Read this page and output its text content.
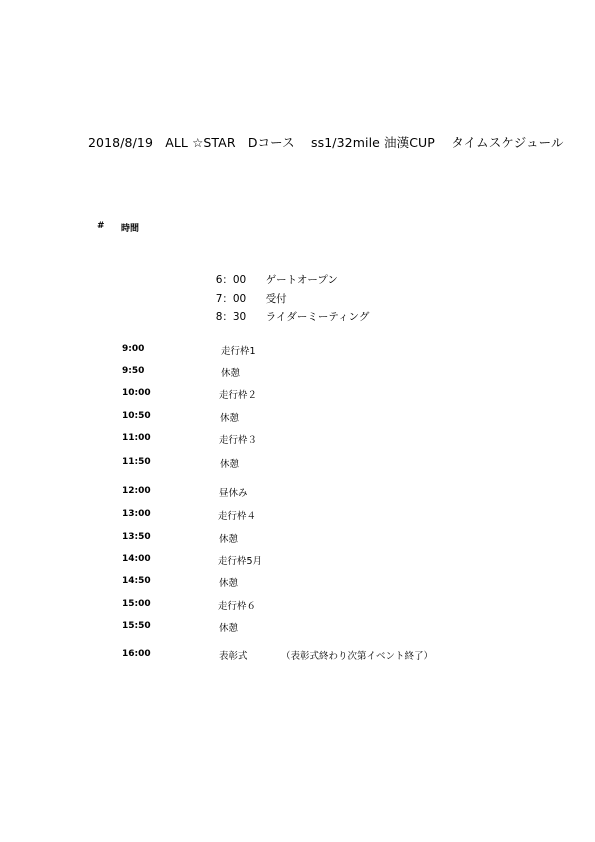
2018/8/19   ALL ☆STAR   Dコース    ss1/32mile 油漢CUP    タイムスケジュール
# 時間

6：00 ゲートオープン

7：00 受付

8：30 ライダーミーティング

9:00	走行枠1
9:50	休憩
10:00	走行枠２
10:50	休憩
11:00	走行枠３
11:50	休憩
12:00	昼休み
13:00	走行枠４
13:50	休憩
14:00	走行枠5月
14:50	休憩
15:00	走行枠６
15:50	休憩
16:00	表彰式	（表彰式終わり次第イベント終了）
